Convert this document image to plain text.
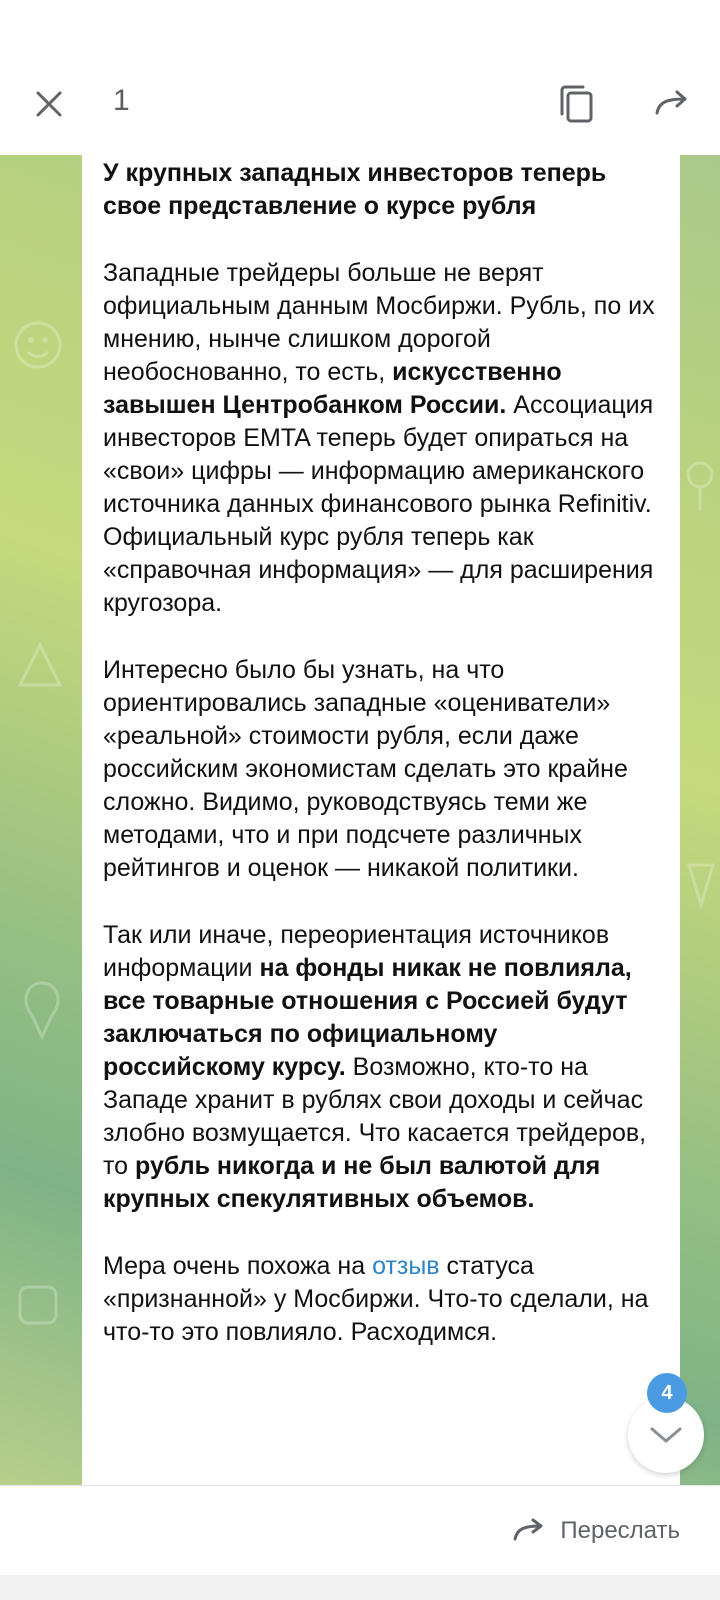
1

У крупных западных инвесторов теперь свое представление о курсе рубля

Западные трейдеры больше не верят официальным данным Мосбиржи. Рубль, по их мнению, нынче слишком дорогой необоснованно, то есть, искусственно завышен Центробанком России. Ассоциация инвесторов EMTA теперь будет опираться на «свои» цифры — информацию американского источника данных финансового рынка Refinitiv. Официальный курс рубля теперь как «справочная информация» — для расширения кругозора.

Интересно было бы узнать, на что ориентировались западные «оцениватели» «реальной» стоимости рубля, если даже российским экономистам сделать это крайне сложно. Видимо, руководствуясь теми же методами, что и при подсчете различных рейтингов и оценок — никакой политики.

Так или иначе, переориентация источников информации на фонды никак не повлияла, все товарные отношения с Россией будут заключаться по официальному российскому курсу. Возможно, кто-то на Западе хранит в рублях свои доходы и сейчас злобно возмущается. Что касается трейдеров, то рубль никогда и не был валютой для крупных спекулятивных объемов.

Мера очень похожа на отзыв статуса «признанной» у Мосбиржи. Что-то сделали, на что-то это повлияло. Расходимся.

4
Переслать
